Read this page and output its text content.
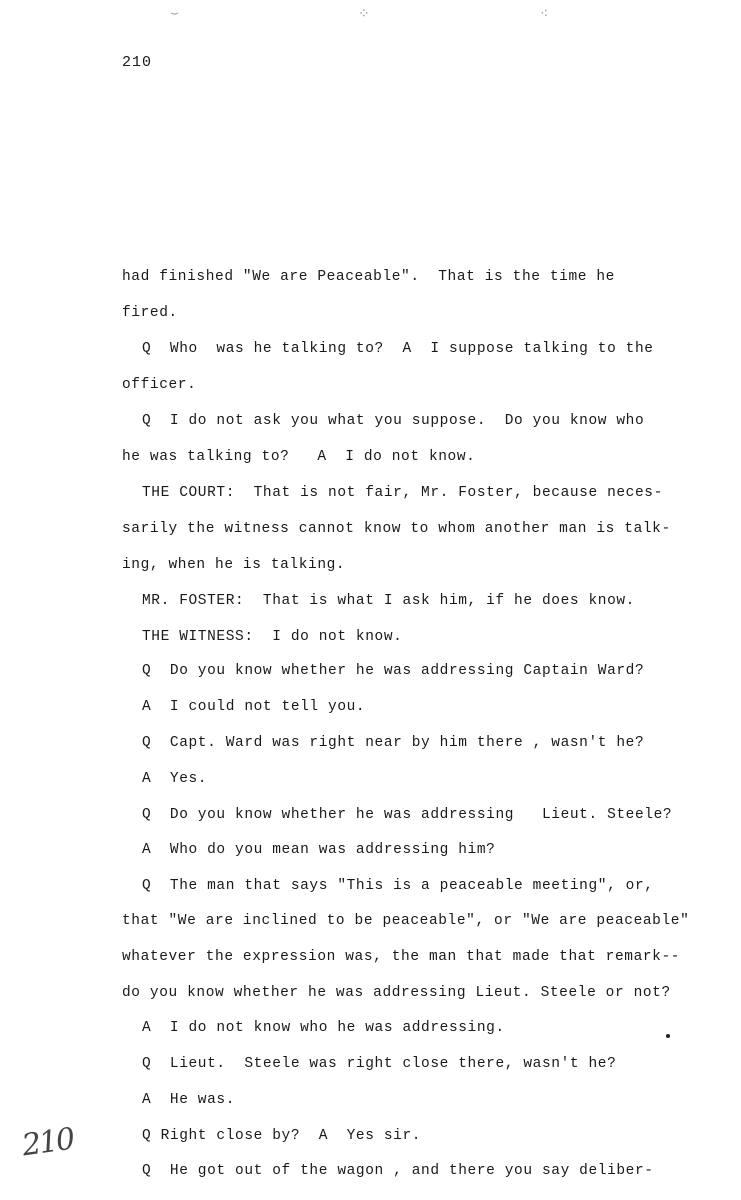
⌣	⁘	⁖
210
had finished "We are Peaceable".  That is the time he
fired.
Q  Who  was he talking to?  A  I suppose talking to the
officer.
Q  I do not ask you what you suppose.  Do you know who
he was talking to?   A  I do not know.
THE COURT:  That is not fair, Mr. Foster, because neces-
sarily the witness cannot know to whom another man is talk-
ing, when he is talking.
MR. FOSTER:  That is what I ask him, if he does know.
THE WITNESS:  I do not know.
Q  Do you know whether he was addressing Captain Ward?
A  I could not tell you.
Q  Capt. Ward was right near by him there , wasn't he?
A  Yes.
Q  Do you know whether he was addressing   Lieut. Steele?
A  Who do you mean was addressing him?
Q  The man that says "This is a peaceable meeting", or,
that "We are inclined to be peaceable", or "We are peaceable"
whatever the expression was, the man that made that remark--
do you know whether he was addressing Lieut. Steele or not?
A  I do not know who he was addressing.
Q  Lieut.  Steele was right close there, wasn't he?
A  He was.
Q Right close by?  A  Yes sir.
Q  He got out of the wagon , and there you say deliber-
210
